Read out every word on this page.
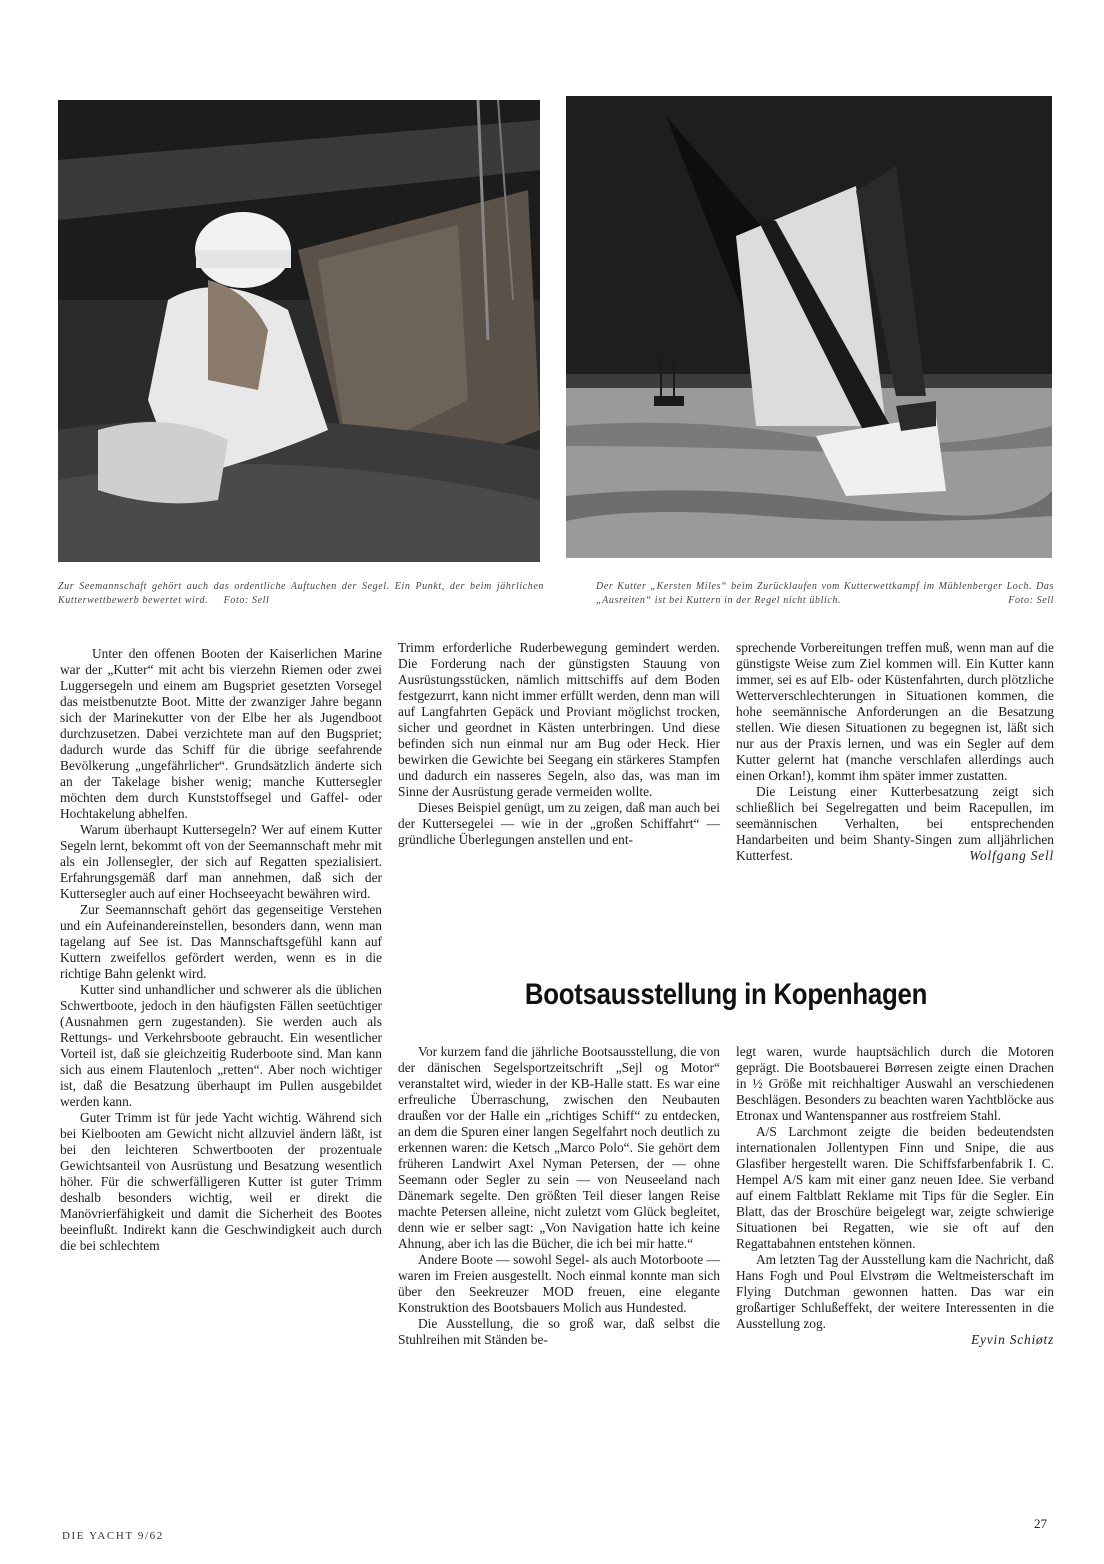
Zur Seemannschaft gehört auch das ordentliche Auftuchen der Segel. Ein Punkt, der beim jährlichen Kutterwettbewerb bewertet wird. Foto: Sell

Der Kutter „Kersten Miles“ beim Zurücklaufen vom Kutterwettkampf im Mühlenberger Loch. Das „Ausreiten“ ist bei Kuttern in der Regel nicht üblich.	Foto: Sell

Unter den offenen Booten der Kaiserlichen Marine war der „Kutter“ mit acht bis vierzehn Riemen oder zwei Luggersegeln und einem am Bugspriet gesetzten Vorsegel das meistbenutzte Boot. Mitte der zwanziger Jahre begann sich der Marinekutter von der Elbe her als Jugendboot durchzusetzen. Dabei verzichtete man auf den Bugspriet; dadurch wurde das Schiff für die übrige seefahrende Bevölkerung „ungefährlicher“. Grundsätzlich änderte sich an der Takelage bisher wenig; manche Kuttersegler möchten dem durch Kunststoffsegel und Gaffel- oder Hochtakelung abhelfen.

Warum überhaupt Kuttersegeln? Wer auf einem Kutter Segeln lernt, bekommt oft von der Seemannschaft mehr mit als ein Jollensegler, der sich auf Regatten spezialisiert. Erfahrungsgemäß darf man annehmen, daß sich der Kuttersegler auch auf einer Hochseeyacht bewähren wird.

Zur Seemannschaft gehört das gegenseitige Verstehen und ein Aufeinandereinstellen, besonders dann, wenn man tagelang auf See ist. Das Mannschaftsgefühl kann auf Kuttern zweifellos gefördert werden, wenn es in die richtige Bahn gelenkt wird.

Kutter sind unhandlicher und schwerer als die üblichen Schwertboote, jedoch in den häufigsten Fällen seetüchtiger (Ausnahmen gern zugestanden). Sie werden auch als Rettungs- und Verkehrsboote gebraucht. Ein wesentlicher Vorteil ist, daß sie gleichzeitig Ruderboote sind. Man kann sich aus einem Flautenloch „retten“. Aber noch wichtiger ist, daß die Besatzung überhaupt im Pullen ausgebildet werden kann.

Guter Trimm ist für jede Yacht wichtig. Während sich bei Kielbooten am Gewicht nicht allzuviel ändern läßt, ist bei den leichteren Schwertbooten der prozentuale Gewichtsanteil von Ausrüstung und Besatzung wesentlich höher. Für die schwerfälligeren Kutter ist guter Trimm deshalb besonders wichtig, weil er direkt die Manövrierfähigkeit und damit die Sicherheit des Bootes beeinflußt. Indirekt kann die Geschwindigkeit auch durch die bei schlechtem

Trimm erforderliche Ruderbewegung gemindert werden. Die Forderung nach der günstigsten Stauung von Ausrüstungsstücken, nämlich mittschiffs auf dem Boden festgezurrt, kann nicht immer erfüllt werden, denn man will auf Langfahrten Gepäck und Proviant möglichst trocken, sicher und geordnet in Kästen unterbringen. Und diese befinden sich nun einmal nur am Bug oder Heck. Hier bewirken die Gewichte bei Seegang ein stärkeres Stampfen und dadurch ein nasseres Segeln, also das, was man im Sinne der Ausrüstung gerade vermeiden wollte.

Dieses Beispiel genügt, um zu zeigen, daß man auch bei der Kuttersegelei — wie in der „großen Schiffahrt“ — gründliche Überlegungen anstellen und ent-

sprechende Vorbereitungen treffen muß, wenn man auf die günstigste Weise zum Ziel kommen will. Ein Kutter kann immer, sei es auf Elb- oder Küstenfahrten, durch plötzliche Wetterverschlechterungen in Situationen kommen, die hohe seemännische Anforderungen an die Besatzung stellen. Wie diesen Situationen zu begegnen ist, läßt sich nur aus der Praxis lernen, und was ein Segler auf dem Kutter gelernt hat (manche verschlafen allerdings auch einen Orkan!), kommt ihm später immer zustatten.

Die Leistung einer Kutterbesatzung zeigt sich schließlich bei Segelregatten und beim Racepullen, im seemännischen Verhalten, bei entsprechenden Handarbeiten und beim Shanty-Singen zum alljährlichen Kutterfest.	Wolfgang Sell

Bootsausstellung in Kopenhagen

Vor kurzem fand die jährliche Bootsausstellung, die von der dänischen Segelsportzeitschrift „Sejl og Motor“ veranstaltet wird, wieder in der KB-Halle statt. Es war eine erfreuliche Überraschung, zwischen den Neubauten draußen vor der Halle ein „richtiges Schiff“ zu entdecken, an dem die Spuren einer langen Segelfahrt noch deutlich zu erkennen waren: die Ketsch „Marco Polo“. Sie gehört dem früheren Landwirt Axel Nyman Petersen, der — ohne Seemann oder Segler zu sein — von Neuseeland nach Dänemark segelte. Den größten Teil dieser langen Reise machte Petersen alleine, nicht zuletzt vom Glück begleitet, denn wie er selber sagt: „Von Navigation hatte ich keine Ahnung, aber ich las die Bücher, die ich bei mir hatte.“

Andere Boote — sowohl Segel- als auch Motorboote — waren im Freien ausgestellt. Noch einmal konnte man sich über den Seekreuzer MOD freuen, eine elegante Konstruktion des Bootsbauers Molich aus Hundested.

Die Ausstellung, die so groß war, daß selbst die Stuhlreihen mit Ständen be-

legt waren, wurde hauptsächlich durch die Motoren geprägt. Die Bootsbauerei Børresen zeigte einen Drachen in ½ Größe mit reichhaltiger Auswahl an verschiedenen Beschlägen. Besonders zu beachten waren Yachtblöcke aus Etronax und Wantenspanner aus rostfreiem Stahl.

A/S Larchmont zeigte die beiden bedeutendsten internationalen Jollentypen Finn und Snipe, die aus Glasfiber hergestellt waren. Die Schiffsfarbenfabrik I. C. Hempel A/S kam mit einer ganz neuen Idee. Sie verband auf einem Faltblatt Reklame mit Tips für die Segler. Ein Blatt, das der Broschüre beigelegt war, zeigte schwierige Situationen bei Regatten, wie sie oft auf den Regattabahnen entstehen können.

Am letzten Tag der Ausstellung kam die Nachricht, daß Hans Fogh und Poul Elvstrøm die Weltmeisterschaft im Flying Dutchman gewonnen hatten. Das war ein großartiger Schlußeffekt, der weitere Interessenten in die Ausstellung zog.

Eyvin Schiøtz

DIE YACHT 9/62
27
